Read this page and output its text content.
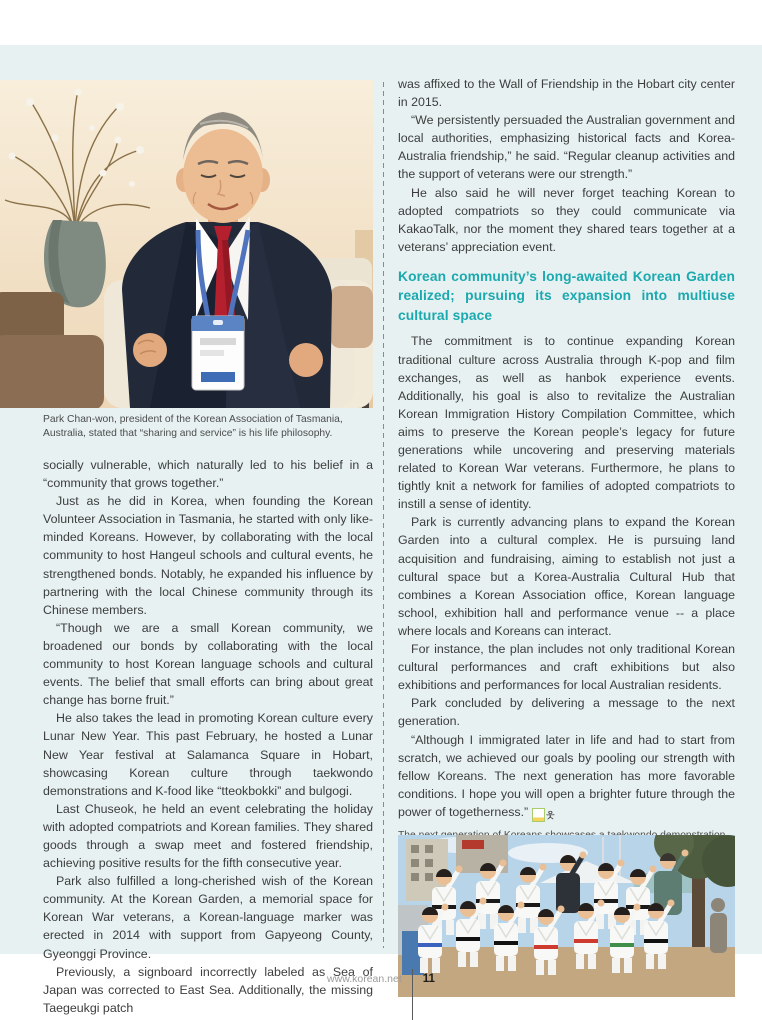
Park Chan-won, president of the Korean Association of Tasmania, Australia, stated that “sharing and service” is his life philosophy.

socially vulnerable, which naturally led to his belief in a “community that grows together.”

Just as he did in Korea, when founding the Korean Volunteer Association in Tasmania, he started with only like-minded Koreans. However, by collaborating with the local community to host Hangeul schools and cultural events, he strengthened bonds. Notably, he expanded his influence by partnering with the local Chinese community through its Chinese members.

“Though we are a small Korean community, we broadened our bonds by collaborating with the local community to host Korean language schools and cultural events. The belief that small efforts can bring about great change has borne fruit.”

He also takes the lead in promoting Korean culture every Lunar New Year. This past February, he hosted a Lunar New Year festival at Salamanca Square in Hobart, showcasing Korean culture through taekwondo demonstrations and K-food like “tteokbokki” and bulgogi.

Last Chuseok, he held an event celebrating the holiday with adopted compatriots and Korean families. They shared goods through a swap meet and fostered friendship, achieving positive results for the fifth consecutive year.

Park also fulfilled a long-cherished wish of the Korean community. At the Korean Garden, a memorial space for Korean War veterans, a Korean-language marker was erected in 2014 with support from Gapyeong County, Gyeonggi Province.

Previously, a signboard incorrectly labeled as Sea of Japan was corrected to East Sea. Additionally, the missing Taegeukgi patch

was affixed to the Wall of Friendship in the Hobart city center in 2015.

“We persistently persuaded the Australian government and local authorities, emphasizing historical facts and Korea-Australia friendship,” he said. “Regular cleanup activities and the support of veterans were our strength.”

He also said he will never forget teaching Korean to adopted compatriots so they could communicate via KakaoTalk, nor the moment they shared tears together at a veterans’ appreciation event.

Korean community’s long-awaited Korean Garden realized; pursuing its expansion into multiuse cultural space

The commitment is to continue expanding Korean traditional culture across Australia through K-pop and film exchanges, as well as hanbok experience events. Additionally, his goal is also to revitalize the Australian Korean Immigration History Compilation Committee, which aims to preserve the Korean people’s legacy for future generations while uncovering and preserving materials related to Korean War veterans. Furthermore, he plans to tightly knit a network for families of adopted compatriots to instill a sense of identity.

Park is currently advancing plans to expand the Korean Garden into a cultural complex. He is pursuing land acquisition and fundraising, aiming to establish not just a cultural space but a Korea-Australia Cultural Hub that combines a Korean Association office, Korean language school, exhibition hall and performance venue -- a place where locals and Koreans can interact.

For instance, the plan includes not only traditional Korean cultural performances and craft exhibitions but also exhibitions and performances for local Australian residents.

Park concluded by delivering a message to the next generation.

“Although I immigrated later in life and had to start from scratch, we achieved our goals by pooling our strength with fellow Koreans. The next generation has more favorable conditions. I hope you will open a brighter future through the power of togetherness.” 웃

www.korean.net 11
